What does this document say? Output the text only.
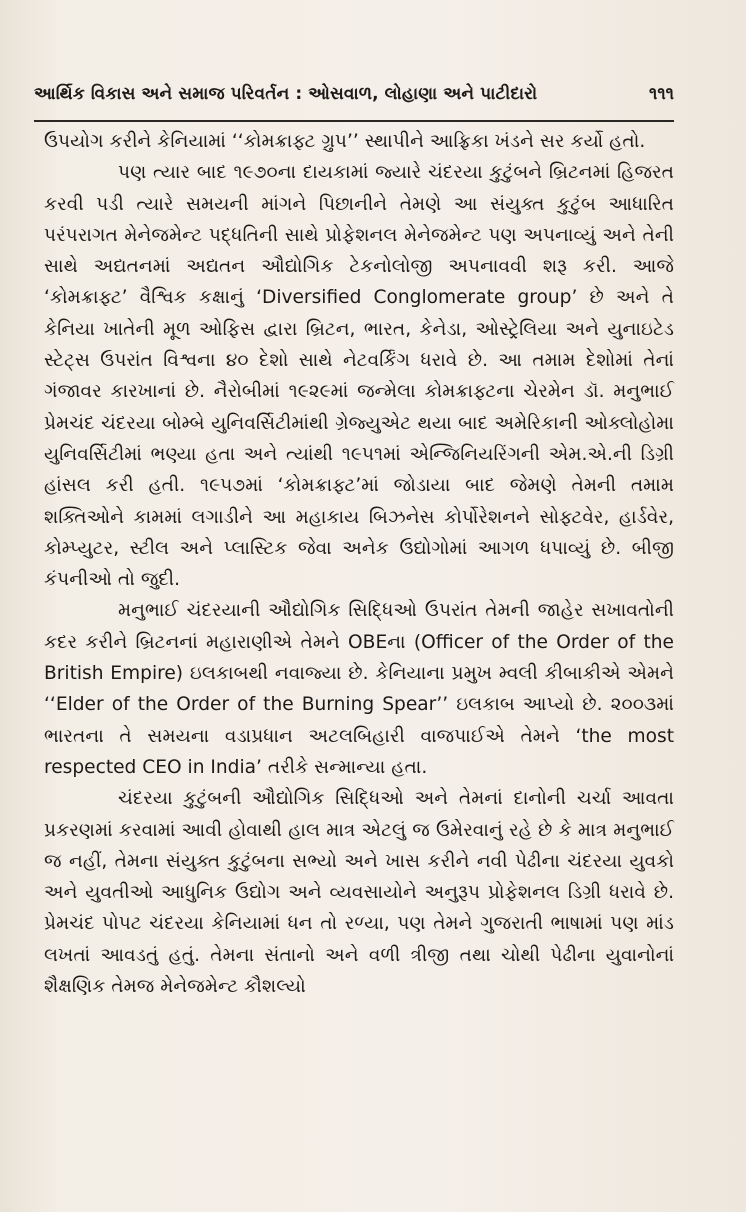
આર્થિક વિકાસ અને સમાજ પરિવર્તન : ઓસવાળ, લોહાણા અને પાટીદારો	૧૧૧

ઉપયોગ કરીને કેનિયામાં ‘‘કોમક્રાફ્ટ ગ્રુપ’’ સ્થાપીને આફ્રિકા ખંડને સર કર્યો હતો.

પણ ત્યાર બાદ ૧૯૭૦ના દાયકામાં જ્યારે ચંદરયા કુટુંબને બ્રિટનમાં હિજરત કરવી પડી ત્યારે સમયની માંગને પિછાનીને તેમણે આ સંયુક્ત કુટુંબ આધારિત પરંપરાગત મેનેજમેન્ટ પદ્ધતિની સાથે પ્રોફેશનલ મેનેજમેન્ટ પણ અપનાવ્યું અને તેની સાથે અદ્યતનમાં અદ્યતન ઔદ્યોગિક ટેકનોલોજી અપનાવવી શરૂ કરી. આજે ‘કોમક્રાફ્ટ’ વૈશ્વિક કક્ષાનું ‘Diversified Conglomerate group’ છે અને તે કેનિયા ખાતેની મૂળ ઓફિસ દ્વારા બ્રિટન, ભારત, કેનેડા, ઓસ્ટ્રેલિયા અને યુનાઇટેડ સ્ટેટ્સ ઉપરાંત વિશ્વના ૪૦ દેશો સાથે નેટવર્કિંગ ધરાવે છે. આ તમામ દેશોમાં તેનાં ગંજાવર કારખાનાં છે. નૈરોબીમાં ૧૯૨૯માં જન્મેલા કોમક્રાફ્ટના ચેરમેન ડૉ. મનુભાઈ પ્રેમચંદ ચંદરયા બોમ્બે યુનિવર્સિટીમાંથી ગ્રેજ્યુએટ થયા બાદ અમેરિકાની ઓક્લોહોમા યુનિવર્સિટીમાં ભણ્યા હતા અને ત્યાંથી ૧૯૫૧માં એન્જિનિયરિંગની એમ.એ.ની ડિગ્રી હાંસલ કરી હતી. ૧૯૫૭માં ‘કોમક્રાફ્ટ’માં જોડાયા બાદ જેમણે તેમની તમામ શક્તિઓને કામમાં લગાડીને આ મહાકાય બિઝનેસ કોર્પોરેશનને સોફ્ટવેર, હાર્ડવેર, કોમ્પ્યુટર, સ્ટીલ અને પ્લાસ્ટિક જેવા અનેક ઉદ્યોગોમાં આગળ ધપાવ્યું છે. બીજી કંપનીઓ તો જુદી.

મનુભાઈ ચંદરયાની ઔદ્યોગિક સિદ્ધિઓ ઉપરાંત તેમની જાહેર સખાવતોની કદર કરીને બ્રિટનનાં મહારાણીએ તેમને OBEના (Officer of the Order of the British Empire) ઇલકાબથી નવાજ્યા છે. કેનિયાના પ્રમુખ મ્વલી કીબાકીએ એમને ‘‘Elder of the Order of the Burning Spear’’ ઇલકાબ આપ્યો છે. ૨૦૦૩માં ભારતના તે સમયના વડાપ્રધાન અટલબિહારી વાજપાઈએ તેમને ‘the most respected CEO in India’ તરીકે સન્માન્યા હતા.

ચંદરયા કુટુંબની ઔદ્યોગિક સિદ્ધિઓ અને તેમનાં દાનોની ચર્ચા આવતા પ્રકરણમાં કરવામાં આવી હોવાથી હાલ માત્ર એટલું જ ઉમેરવાનું રહે છે કે માત્ર મનુભાઈ જ નહીં, તેમના સંયુક્ત કુટુંબના સભ્યો અને ખાસ કરીને નવી પેઢીના ચંદરયા યુવકો અને યુવતીઓ આધુનિક ઉદ્યોગ અને વ્યવસાયોને અનુરૂપ પ્રોફેશનલ ડિગ્રી ધરાવે છે. પ્રેમચંદ પોપટ ચંદરયા કેનિયામાં ધન તો રળ્યા, પણ તેમને ગુજરાતી ભાષામાં પણ માંડ લખતાં આવડતું હતું. તેમના સંતાનો અને વળી ત્રીજી તથા ચોથી પેઢીના યુવાનોનાં શૈક્ષણિક તેમજ મેનેજમેન્ટ કૌશલ્યો
